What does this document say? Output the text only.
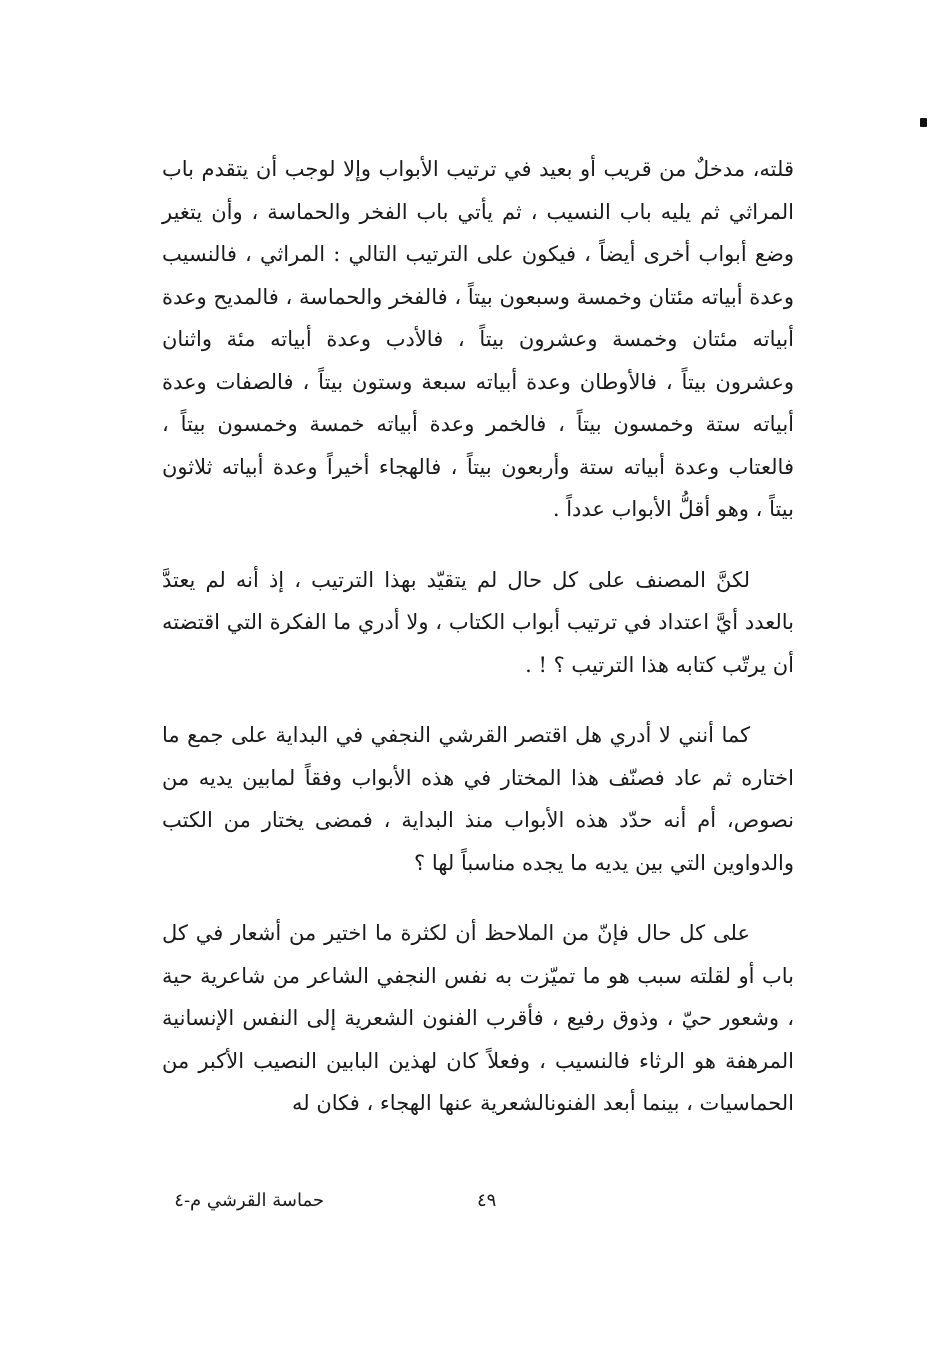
قلته، مدخلٌ من قريب أو بعيد في ترتيب الأبواب وإلا لوجب أن يتقدم باب المراثي ثم يليه باب النسيب ، ثم يأتي باب الفخر والحماسة ، وأن يتغير وضع أبواب أخرى أيضاً ، فيكون على الترتيب التالي : المراثي ، فالنسيب وعدة أبياته مئتان وخمسة وسبعون بيتاً ، فالفخر والحماسة ، فالمديح وعدة أبياته مئتان وخمسة وعشرون بيتاً ، فالأدب وعدة أبياته مئة واثنان وعشرون بيتاً ، فالأوطان وعدة أبياته سبعة وستون بيتاً ، فالصفات وعدة أبياته ستة وخمسون بيتاً ، فالخمر وعدة أبياته خمسة وخمسون بيتاً ، فالعتاب وعدة أبياته ستة وأربعون بيتاً ، فالهجاء أخيراً وعدة أبياته ثلاثون بيتاً ، وهو أقلُّ الأبواب عدداً .

لكنَّ المصنف على كل حال لم يتقيّد بهذا الترتيب ، إذ أنه لم يعتدَّ بالعدد أيَّ اعتداد في ترتيب أبواب الكتاب ، ولا أدري ما الفكرة التي اقتضته أن يرتّب كتابه هذا الترتيب ؟ ! .

كما أنني لا أدري هل اقتصر القرشي النجفي في البداية على جمع ما اختاره ثم عاد فصنّف هذا المختار في هذه الأبواب وفقاً لمابين يديه من نصوص، أم أنه حدّد هذه الأبواب منذ البداية ، فمضى يختار من الكتب والدواوين التي بين يديه ما يجده مناسباً لها ؟

على كل حال فإنّ من الملاحظ أن لكثرة ما اختير من أشعار في كل باب أو لقلته سبب هو ما تميّزت به نفس النجفي الشاعر من شاعرية حية ، وشعور حيّ ، وذوق رفيع ، فأقرب الفنون الشعرية إلى النفس الإنسانية المرهفة هو الرثاء فالنسيب ، وفعلاً كان لهذين البابين النصيب الأكبر من الحماسيات ، بينما أبعد الفنونالشعرية عنها الهجاء ، فكان له

حماسة القرشي م-٤	٤٩
